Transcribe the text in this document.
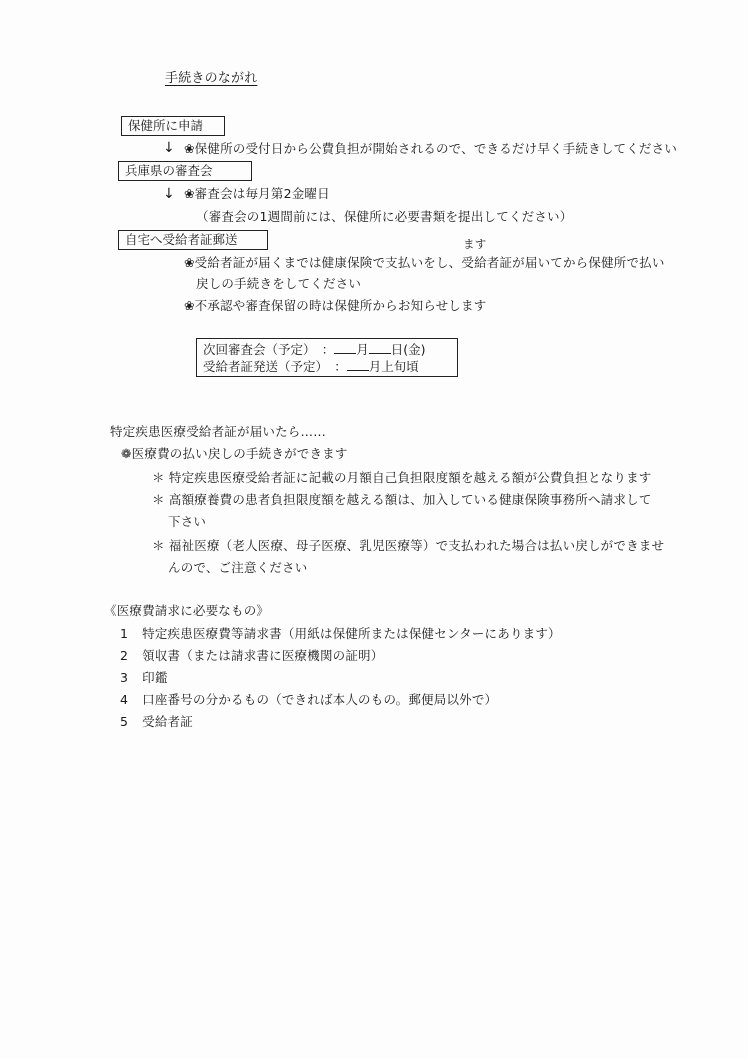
手続きのながれ
保健所に申請
↓ ❀保健所の受付日から公費負担が開始されるので、できるだけ早く手続きしてください
兵庫県の審査会
↓ ❀審査会は毎月第2金曜日
（審査会の1週間前には、保健所に必要書類を提出してください）
自宅へ受給者証郵送	ます
❀受給者証が届くまでは健康保険で支払いをし、受給者証が届いてから保健所で払い
戻しの手続きをしてください
❀不承認や審査保留の時は保健所からお知らせします
次回審査会（予定）　： 月 日(金)
受給者証発送（予定）　： 月上旬頃
特定疾患医療受給者証が届いたら……
❁医療費の払い戻しの手続きができます
＊ 特定疾患医療受給者証に記載の月額自己負担限度額を越える額が公費負担となります
＊ 高額療養費の患者負担限度額を越える額は、加入している健康保険事務所へ請求して
下さい
＊ 福祉医療（老人医療、母子医療、乳児医療等）で支払われた場合は払い戻しができませ
んので、ご注意ください
《医療費請求に必要なもの》
1 特定疾患医療費等請求書（用紙は保健所または保健センターにあります）
2 領収書（または請求書に医療機関の証明）
3 印鑑
4 口座番号の分かるもの（できれば本人のもの。郵便局以外で）
5 受給者証
